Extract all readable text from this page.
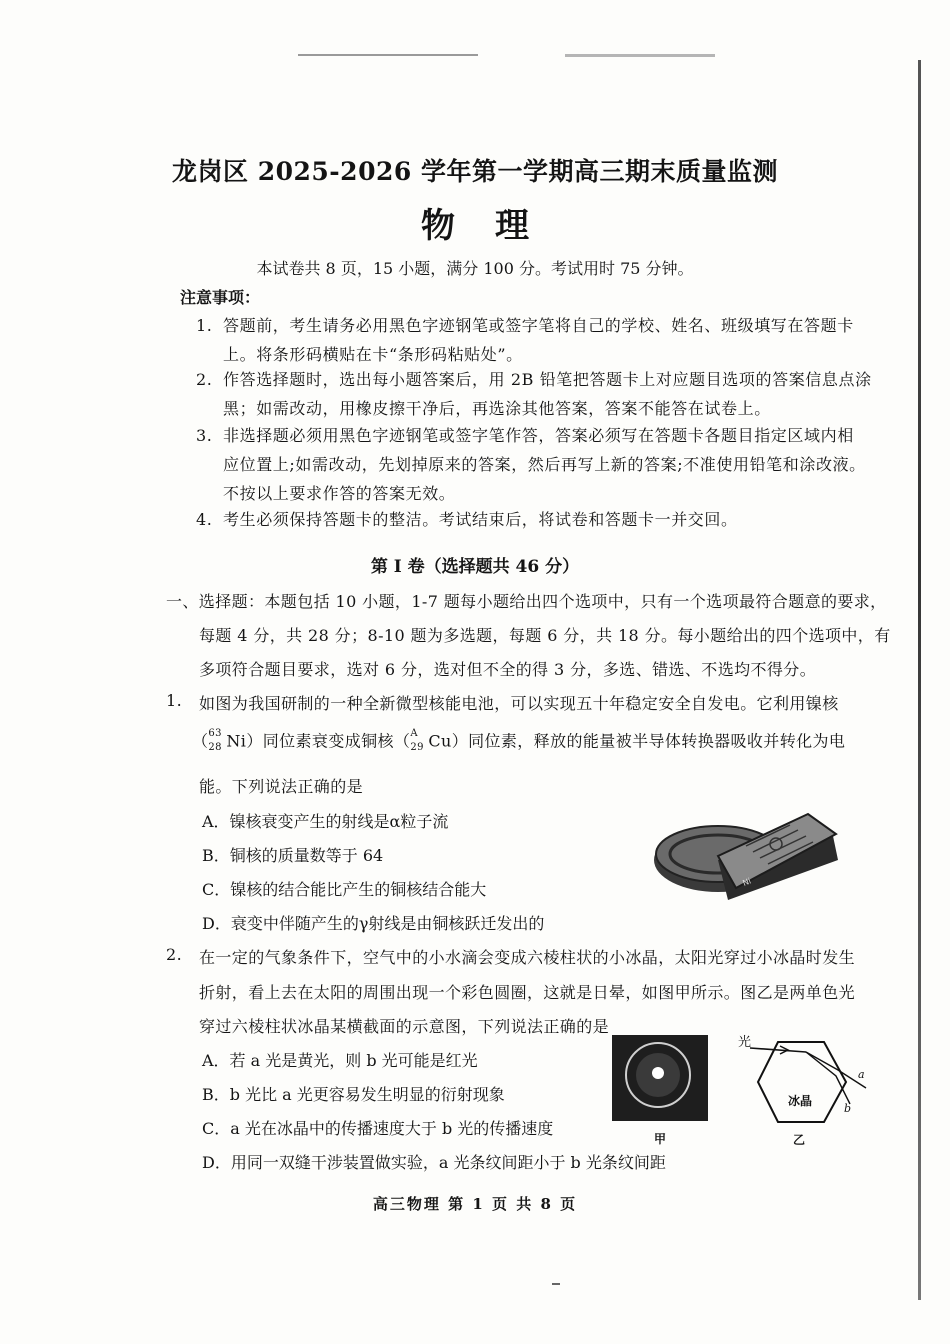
龙岗区 2025-2026 学年第一学期高三期末质量监测
物理
本试卷共 8 页，15 小题，满分 100 分。考试用时 75 分钟。
注意事项：
1. 答题前，考生请务必用黑色字迹钢笔或签字笔将自己的学校、姓名、班级填写在答题卡
上。将条形码横贴在卡“条形码粘贴处”。
2. 作答选择题时，选出每小题答案后，用 2B 铅笔把答题卡上对应题目选项的答案信息点涂
黑；如需改动，用橡皮擦干净后，再选涂其他答案，答案不能答在试卷上。
3. 非选择题必须用黑色字迹钢笔或签字笔作答，答案必须写在答题卡各题目指定区域内相
应位置上;如需改动，先划掉原来的答案，然后再写上新的答案;不准使用铅笔和涂改液。
不按以上要求作答的答案无效。
4. 考生必须保持答题卡的整洁。考试结束后，将试卷和答题卡一并交回。
第 I 卷（选择题共 46 分）
一、选择题：本题包括 10 小题，1-7 题每小题给出四个选项中，只有一个选项最符合题意的要求，
每题 4 分，共 28 分；8-10 题为多选题，每题 6 分，共 18 分。每小题给出的四个选项中，有
多项符合题目要求，选对 6 分，选对但不全的得 3 分，多选、错选、不选均不得分。
1. 如图为我国研制的一种全新微型核能电池，可以实现五十年稳定安全自发电。它利用镍核
（ 63
28 Ni）同位素衰变成铜核（ A
29 Cu）同位素，释放的能量被半导体转换器吸收并转化为电
能。下列说法正确的是
A．镍核衰变产生的射线是α粒子流
B．铜核的质量数等于 64
C．镍核的结合能比产生的铜核结合能大
D．衰变中伴随产生的γ射线是由铜核跃迁发出的
Ni
2. 在一定的气象条件下，空气中的小水滴会变成六棱柱状的小冰晶，太阳光穿过小冰晶时发生
折射，看上去在太阳的周围出现一个彩色圆圈，这就是日晕，如图甲所示。图乙是两单色光
穿过六棱柱状冰晶某横截面的示意图，下列说法正确的是
A．若 a 光是黄光，则 b 光可能是红光
B．b 光比 a 光更容易发生明显的衍射现象
C．a 光在冰晶中的传播速度大于 b 光的传播速度
D．用同一双缝干涉装置做实验，a 光条纹间距小于 b 光条纹间距
甲
光
冰晶
a
b
乙
高三物理 第 1 页 共 8 页
